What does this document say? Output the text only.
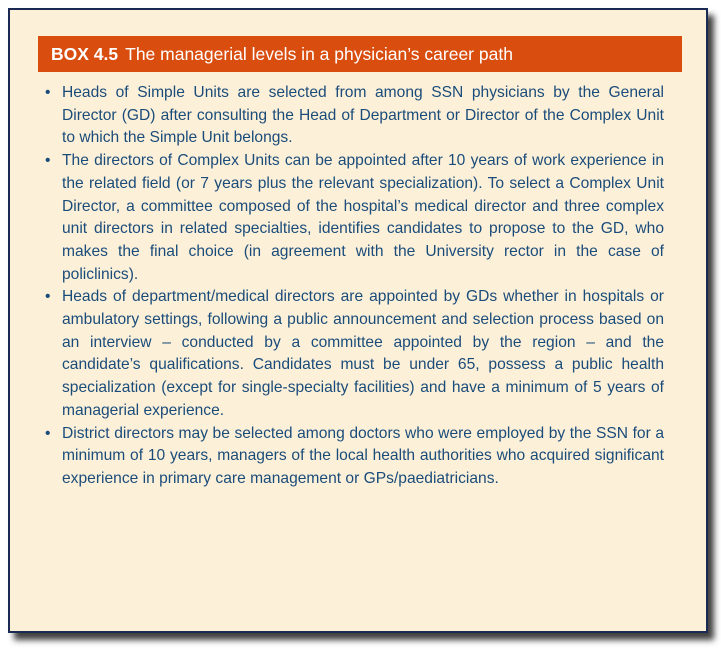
BOX 4.5 The managerial levels in a physician’s career path
• Heads of Simple Units are selected from among SSN physicians by the General Director (GD) after consulting the Head of Department or Director of the Complex Unit to which the Simple Unit belongs.
• The directors of Complex Units can be appointed after 10 years of work experience in the related field (or 7 years plus the relevant specialization). To select a Complex Unit Director, a committee composed of the hospital’s medical director and three complex unit directors in related specialties, identifies candidates to propose to the GD, who makes the final choice (in agreement with the University rector in the case of policlinics).
• Heads of department/medical directors are appointed by GDs whether in hospitals or ambulatory settings, following a public announcement and selection process based on an interview – conducted by a committee appointed by the region – and the candidate’s qualifications. Candidates must be under 65, possess a public health specialization (except for single-specialty facilities) and have a minimum of 5 years of managerial experience.
• District directors may be selected among doctors who were employed by the SSN for a minimum of 10 years, managers of the local health authorities who acquired significant experience in primary care management or GPs/paediatricians.
